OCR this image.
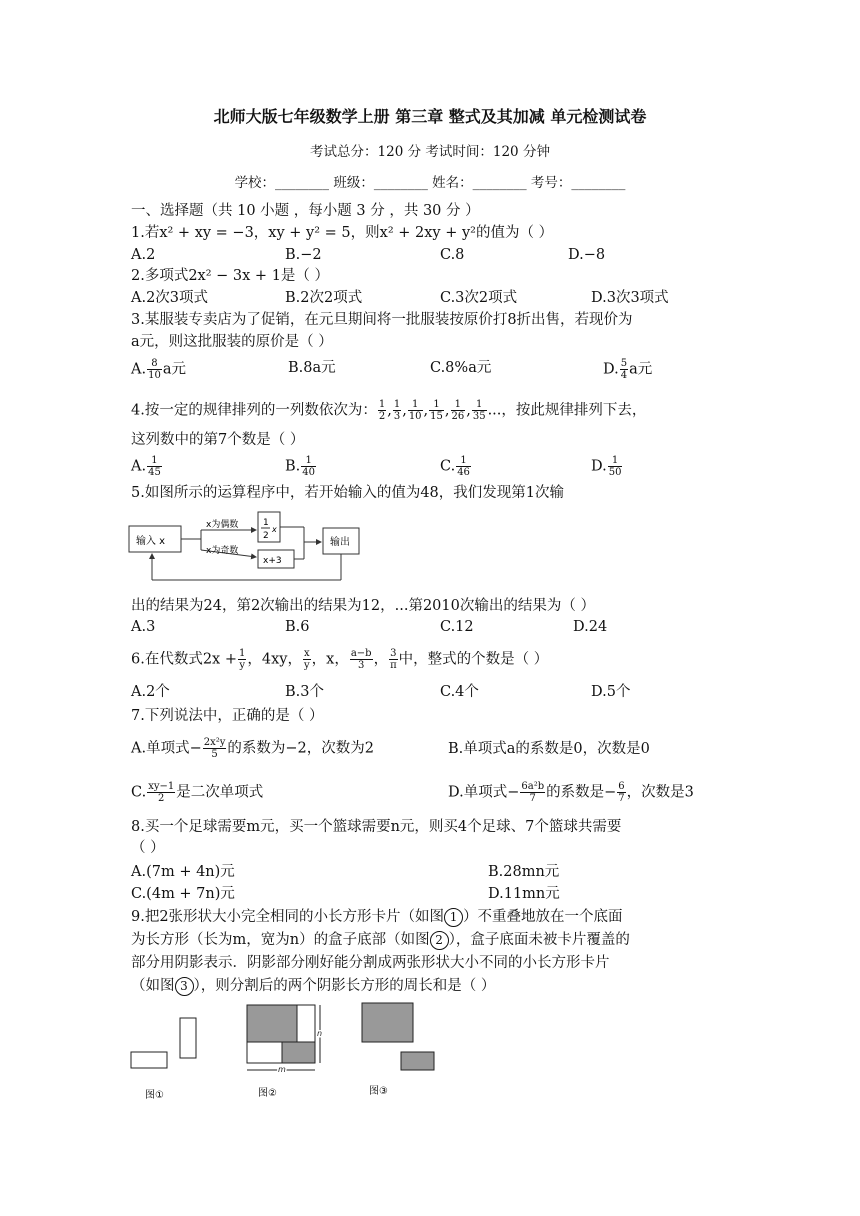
北师大版七年级数学上册 第三章 整式及其加减 单元检测试卷
考试总分：120 分 考试时间：120 分钟
学校：________ 班级：________ 姓名：________ 考号：________
一、选择题（共 10 小题 ，每小题 3 分 ，共 30 分 ）
1.若x² + xy = −3，xy + y² = 5，则x² + 2xy + y²的值为（ ）
A.2	B.−2	C.8	D.−8
2.多项式2x² − 3x + 1是（ ）
A.2次3项式	B.2次2项式	C.3次2项式	D.3次3项式
3.某服装专卖店为了促销，在元旦期间将一批服装按原价打8折出售，若现价为
a元，则这批服装的原价是（ ）
A. $\frac{8}{10}$ a元	B.8a元	C.8%a元	D. $\frac{5}{4}$ a元
4.按一定的规律排列的一列数依次为： $\frac{1}{2}$ , $\frac{1}{3}$ , $\frac{1}{10}$ , $\frac{1}{15}$ , $\frac{1}{26}$ , $\frac{1}{35}$ ...，按此规律排列下去，
这列数中的第7个数是（ ）
A. $\frac{1}{45}$	B. $\frac{1}{40}$	C. $\frac{1}{46}$	D. $\frac{1}{50}$
5.如图所示的运算程序中，若开始输入的值为48，我们发现第1次输
输入 x
x为偶数
x为奇数
1
2
x
x+3
输出
出的结果为24，第2次输出的结果为12，...第2010次输出的结果为（ ）
A.3	B.6	C.12	D.24
6.在代数式$2x + \frac{1}{y}$ ，4xy， $\frac{x}{y}$ ，x， $\frac{a-b}{3}$ ， $\frac{3}{\pi}$ 中，整式的个数是（ ）
A.2个	B.3个	C.4个	D.5个
7.下列说法中，正确的是（ ）
A.单项式− $\frac{\text{2x²y}}{5}$ 的系数为−2，次数为2	B.单项式a的系数是0，次数是0
C. $\frac{xy-1}{2}$ 是二次单项式	D.单项式− $\frac{\text{6a²b}}{7}$ 的系数是− $\frac{6}{7}$ ，次数是3
8.买一个足球需要m元，买一个篮球需要n元，则买4个足球、7个篮球共需要
（ ）
A.(7m + 4n)元	B.28mn元
C.(4m + 7n)元	D.11mn元
9.把2张形状大小完全相同的小长方形卡片（如图 1 ）不重叠地放在一个底面
为长方形（长为m，宽为n）的盒子底部（如图 2 ），盒子底面未被卡片覆盖的
部分用阴影表示．阴影部分刚好能分割成两张形状大小不同的小长方形卡片
（如图 3 ），则分割后的两个阴影长方形的周长和是（ ）
图①
n
m
图②	图③
